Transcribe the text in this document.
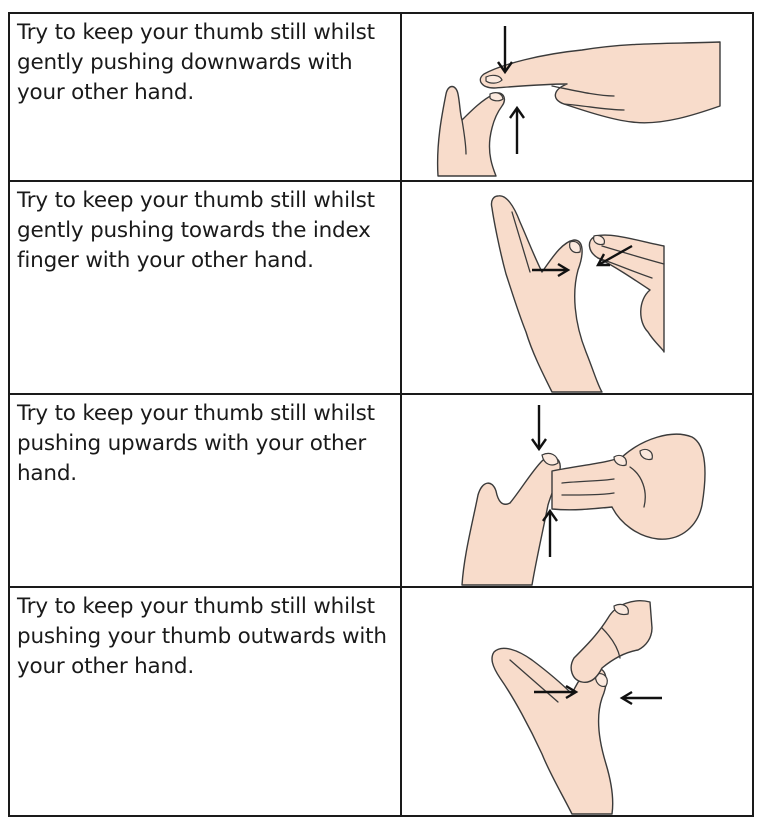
Try to keep your thumb still whilst
gently pushing downwards with
your other hand.

Try to keep your thumb still whilst
gently pushing towards the index
finger with your other hand.

Try to keep your thumb still whilst
pushing upwards with your other
hand.

Try to keep your thumb still whilst
pushing your thumb outwards with
your other hand.
